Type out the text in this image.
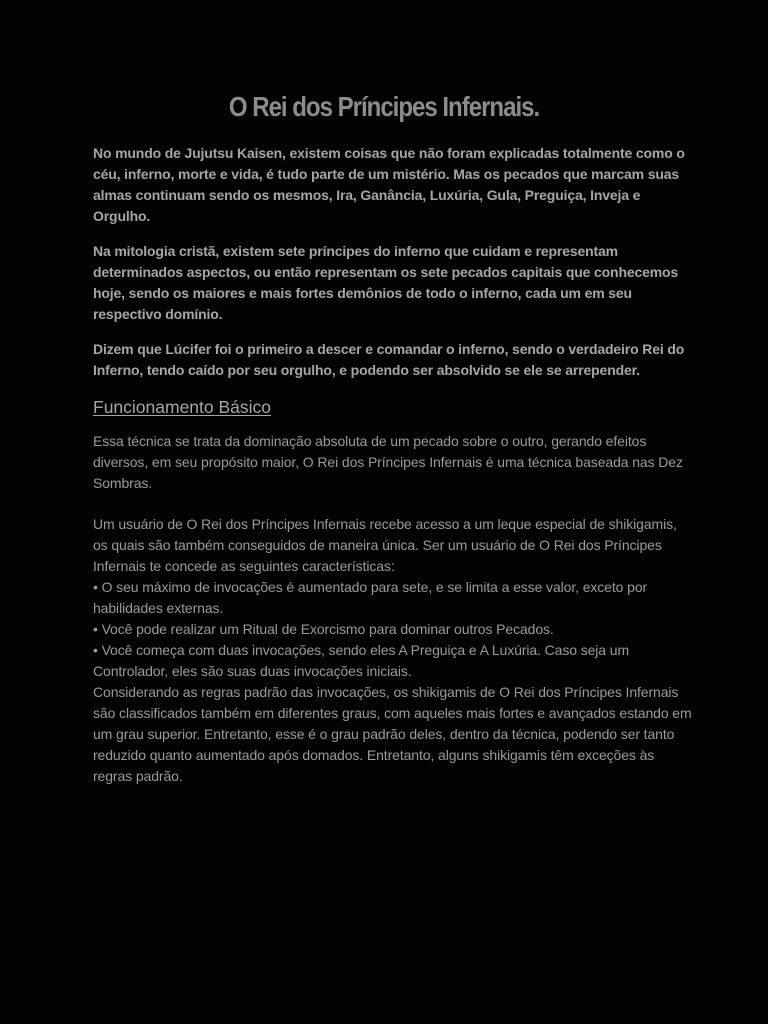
O Rei dos Príncipes Infernais.

No mundo de Jujutsu Kaisen, existem coisas que não foram explicadas totalmente como o céu, inferno, morte e vida, é tudo parte de um mistério. Mas os pecados que marcam suas almas continuam sendo os mesmos, Ira, Ganância, Luxúria, Gula, Preguiça, Inveja e Orgulho.

Na mitologia cristã, existem sete príncipes do inferno que cuidam e representam determinados aspectos, ou então representam os sete pecados capitais que conhecemos hoje, sendo os maiores e mais fortes demônios de todo o inferno, cada um em seu respectivo domínio.

Dizem que Lúcifer foi o primeiro a descer e comandar o inferno, sendo o verdadeiro Rei do Inferno, tendo caído por seu orgulho, e podendo ser absolvido se ele se arrepender.

Funcionamento Básico

Essa técnica se trata da dominação absoluta de um pecado sobre o outro, gerando efeitos diversos, em seu propósito maior, O Rei dos Príncipes Infernais é uma técnica baseada nas Dez Sombras.

Um usuário de O Rei dos Príncipes Infernais recebe acesso a um leque especial de shikigamis, os quais são também conseguidos de maneira única. Ser um usuário de O Rei dos Príncipes Infernais te concede as seguintes características:

• O seu máximo de invocações é aumentado para sete, e se limita a esse valor, exceto por habilidades externas.

• Você pode realizar um Ritual de Exorcismo para dominar outros Pecados.

• Você começa com duas invocações, sendo eles A Preguiça e A Luxúria. Caso seja um Controlador, eles são suas duas invocações iniciais.

Considerando as regras padrão das invocações, os shikigamis de O Rei dos Príncipes Infernais são classificados também em diferentes graus, com aqueles mais fortes e avançados estando em um grau superior. Entretanto, esse é o grau padrão deles, dentro da técnica, podendo ser tanto reduzido quanto aumentado após domados. Entretanto, alguns shikigamis têm exceções às regras padrão.
